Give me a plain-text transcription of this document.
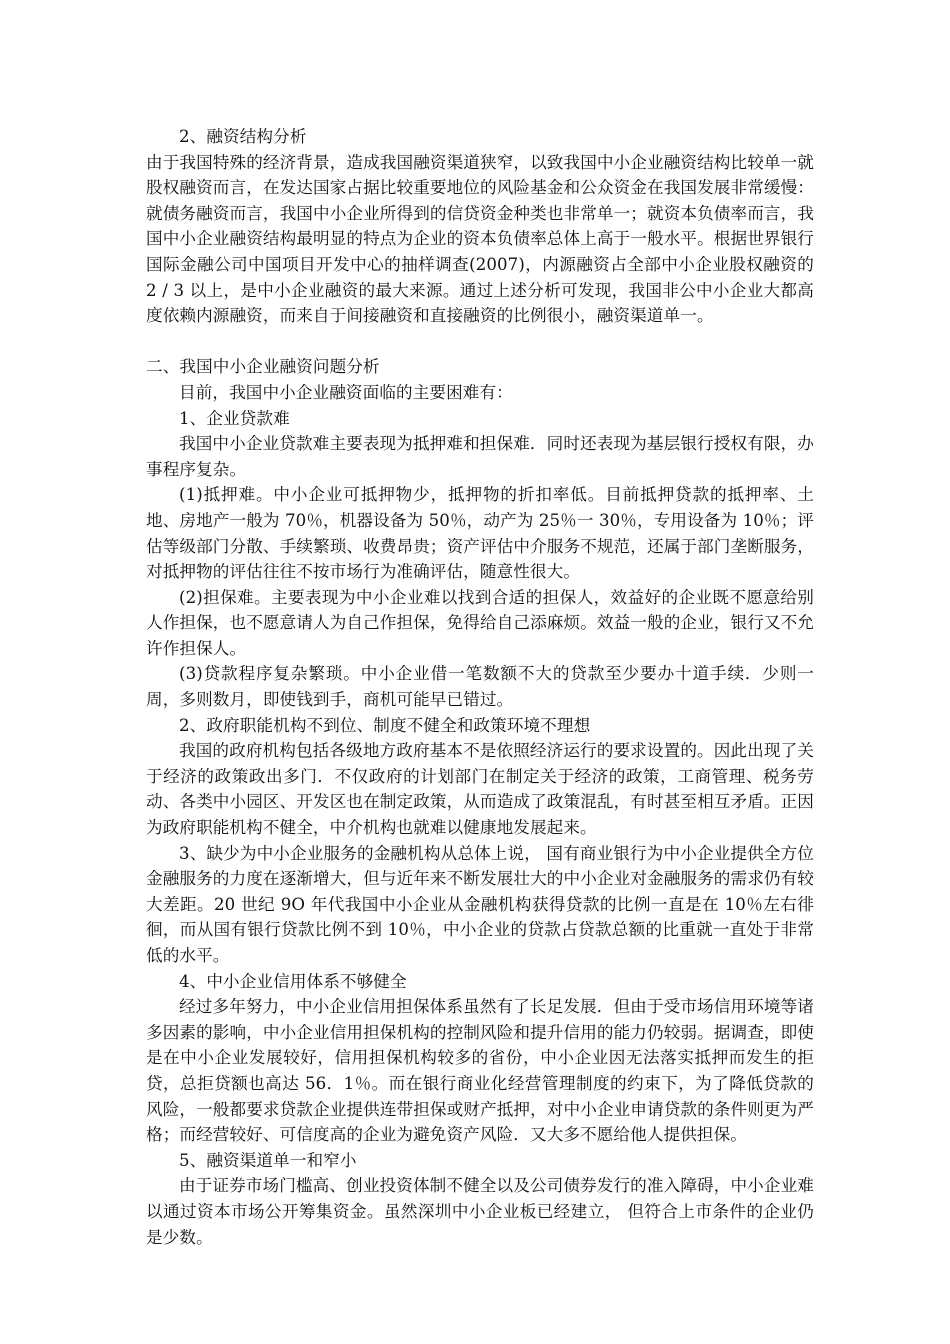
2、融资结构分析

由于我国特殊的经济背景，造成我国融资渠道狭窄，以致我国中小企业融资结构比较单一就股权融资而言，在发达国家占据比较重要地位的风险基金和公众资金在我国发展非常缓慢：就债务融资而言，我国中小企业所得到的信贷资金种类也非常单一；就资本负债率而言，我国中小企业融资结构最明显的特点为企业的资本负债率总体上高于一般水平。根据世界银行国际金融公司中国项目开发中心的抽样调查(2007)，内源融资占全部中小企业股权融资的 2 / 3 以上，是中小企业融资的最大来源。通过上述分析可发现，我国非公中小企业大都高度依赖内源融资，而来自于间接融资和直接融资的比例很小，融资渠道单一。

二、我国中小企业融资问题分析

目前，我国中小企业融资面临的主要困难有：

1、企业贷款难

我国中小企业贷款难主要表现为抵押难和担保难．同时还表现为基层银行授权有限，办事程序复杂。

(1)抵押难。中小企业可抵押物少，抵押物的折扣率低。目前抵押贷款的抵押率、土地、房地产一般为 70％，机器设备为 50％，动产为 25％一 30％，专用设备为 10％；评估等级部门分散、手续繁琐、收费昂贵；资产评估中介服务不规范，还属于部门垄断服务，对抵押物的评估往往不按市场行为准确评估，随意性很大。

(2)担保难。主要表现为中小企业难以找到合适的担保人，效益好的企业既不愿意给别人作担保，也不愿意请人为自己作担保，免得给自己添麻烦。效益一般的企业，银行又不允许作担保人。

(3)贷款程序复杂繁琐。中小企业借一笔数额不大的贷款至少要办十道手续．少则一周，多则数月，即使钱到手，商机可能早已错过。

2、政府职能机构不到位、制度不健全和政策环境不理想

我国的政府机构包括各级地方政府基本不是依照经济运行的要求设置的。因此出现了关于经济的政策政出多门．不仅政府的计划部门在制定关于经济的政策，工商管理、税务劳动、各类中小园区、开发区也在制定政策，从而造成了政策混乱，有时甚至相互矛盾。正因为政府职能机构不健全，中介机构也就难以健康地发展起来。

3、缺少为中小企业服务的金融机构从总体上说， 国有商业银行为中小企业提供全方位金融服务的力度在逐渐增大，但与近年来不断发展壮大的中小企业对金融服务的需求仍有较大差距。20 世纪 9O 年代我国中小企业从金融机构获得贷款的比例一直是在 10％左右徘徊，而从国有银行贷款比例不到 10％，中小企业的贷款占贷款总额的比重就一直处于非常低的水平。

4、中小企业信用体系不够健全

经过多年努力，中小企业信用担保体系虽然有了长足发展．但由于受市场信用环境等诸多因素的影响，中小企业信用担保机构的控制风险和提升信用的能力仍较弱。据调查，即使是在中小企业发展较好，信用担保机构较多的省份，中小企业因无法落实抵押而发生的拒贷，总拒贷额也高达 56．1％。而在银行商业化经营管理制度的约束下，为了降低贷款的风险，一般都要求贷款企业提供连带担保或财产抵押，对中小企业申请贷款的条件则更为严格；而经营较好、可信度高的企业为避免资产风险．又大多不愿给他人提供担保。

5、融资渠道单一和窄小

由于证券市场门槛高、创业投资体制不健全以及公司债券发行的准入障碍，中小企业难以通过资本市场公开筹集资金。虽然深圳中小企业板已经建立， 但符合上市条件的企业仍是少数。
